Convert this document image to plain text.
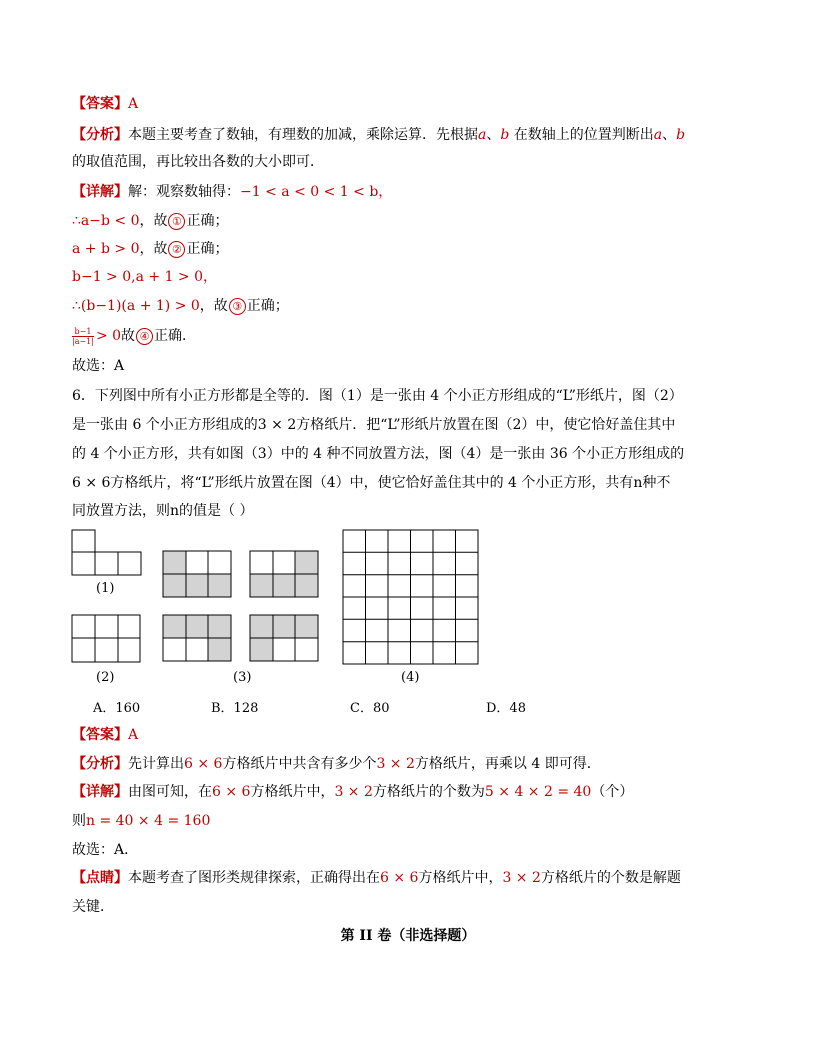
【答案】A
【分析】本题主要考查了数轴，有理数的加减，乘除运算．先根据a、b 在数轴上的位置判断出a、b
的取值范围，再比较出各数的大小即可．
【详解】解：观察数轴得：−1 < a < 0 < 1 < b，
∴a−b < 0，故 ① 正确；
a + b > 0，故 ② 正确；
b−1 > 0,a + 1 > 0，
∴(b−1)(a + 1) > 0，故 ③ 正确；
$\frac{b-1}{|a-1|} > 0$故 ④ 正确．
故选：A
6．下列图中所有小正方形都是全等的．图（1）是一张由 4 个小正方形组成的“L”形纸片，图（2）
是一张由 6 个小正方形组成的3 × 2方格纸片．把“L”形纸片放置在图（2）中，使它恰好盖住其中
的 4 个小正方形，共有如图（3）中的 4 种不同放置方法，图（4）是一张由 36 个小正方形组成的
6 × 6方格纸片，将“L”形纸片放置在图（4）中，使它恰好盖住其中的 4 个小正方形，共有n种不
同放置方法，则n的值是（ ）
(1)
(2)	(3)	(4)
A．160	B．128	C．80	D．48
【答案】A
【分析】先计算出6 × 6方格纸片中共含有多少个3 × 2方格纸片，再乘以 4 即可得．
【详解】由图可知，在6 × 6方格纸片中，3 × 2方格纸片的个数为5 × 4 × 2 = 40（个）
则n = 40 × 4 = 160
故选：A．
【点睛】本题考查了图形类规律探索，正确得出在6 × 6方格纸片中，3 × 2方格纸片的个数是解题
关键．
第 II 卷（非选择题）
